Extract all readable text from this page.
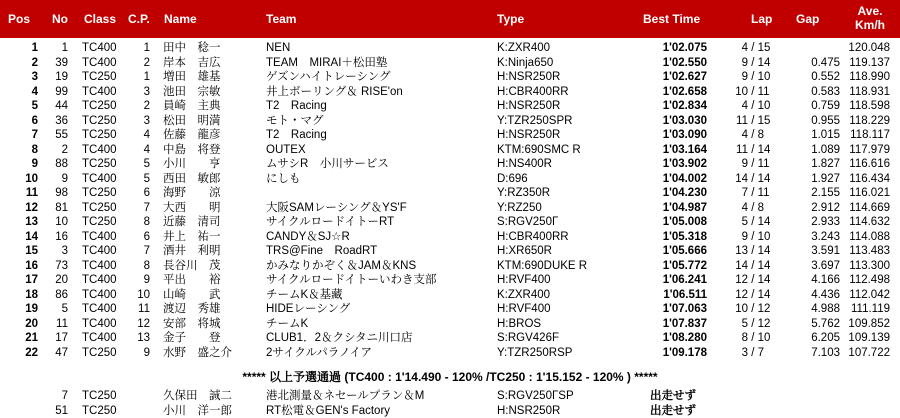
Pos No Class C.P. Name	Team	Type	Best Time	Lap Gap
Ave.
Km/h
1	1 TC400	1 田中　稔一	NEN	K:ZXR400	1'02.075	4 / 15	120.048
2	39 TC400	2 岸本　吉広	TEAM　MIRAI＋松田塾	K:Ninja650	1'02.550	9 / 14	0.475 119.137
3	19 TC250	1 増田　雄基	ゲズンハイトレーシング	H:NSR250R	1'02.627	9 / 10	0.552 118.990
4	99 TC400	3 池田　宗敏	井上ボーリング＆ RISE'on	H:CBR400RR	1'02.658	10 / 11	0.583 118.931
5	44 TC250	2 員崎　主典	T2　Racing	H:NSR250R	1'02.834	4 / 10	0.759 118.598
6	36 TC250	3 松田　明満	モト・マグ	Y:TZR250SPR	1'03.030	11 / 15	0.955 118.229
7	55 TC250	4 佐藤　龍彦	T2　Racing	H:NSR250R	1'03.090	4 / 8	1.015 118.117
8	2 TC400	4 中島　将登	OUTEX	KTM:690SMC R	1'03.164	11 / 14	1.089 117.979
9	88 TC250	5 小川　　亨	ムサシR　小川サービス	H:NS400R	1'03.902	9 / 11	1.827 116.616
10	9 TC400	5 西田　敏郎	にしも	D:696	1'04.002	14 / 14	1.927 116.434
11	98 TC250	6 海野　　涼	Y:RZ350R	1'04.230	7 / 11	2.155 116.021
12	81 TC250	7 大西　　明	大阪SAMレーシング＆YS'F	Y:RZ250	1'04.987	4 / 8	2.912 114.669
13	10 TC250	8 近藤　清司	サイクルロードイトーRT	S:RGV250Γ	1'05.008	5 / 14	2.933 114.632
14	16 TC400	6 井上　祐一	CANDY＆SJ☆R	H:CBR400RR	1'05.318	9 / 10	3.243 114.088
15	3 TC400	7 酒井　利明	TRS@Fine　RoadRT	H:XR650R	1'05.666	13 / 14	3.591 113.483
16	73 TC400	8 長谷川　茂	かみなりかぞく＆JAM＆KNS	KTM:690DUKE R	1'05.772	14 / 14	3.697 113.300
17	20 TC400	9 平出　　裕	サイクルロードイトーいわき支部	H:RVF400	1'06.241	12 / 14	4.166 112.498
18	86 TC400	10 山崎　　武	チームK＆基藏	K:ZXR400	1'06.511	12 / 14	4.436 112.042
19	5 TC400	11 渡辺　秀雄	HIDEレーシング	H:RVF400	1'07.063	10 / 12	4.988 111.119
20	11 TC400	12 安部　将城	チームK	H:BROS	1'07.837	5 / 12	5.762 109.852
21	17 TC400	13 金子　　登	CLUB1．2＆クシタニ川口店	S:RGV426F	1'08.280	8 / 10	6.205 109.139
22	47 TC250	9 水野　盛之介	2サイクルパラノイア	Y:TZR250RSP	1'09.178	3 / 7	7.103 107.722
***** 以上予選通過 (TC400 : 1'14.490 - 120% /TC250 : 1'15.152 - 120% ) *****
7 TC250	久保田　誠二	港北測量＆ネセールプラン＆M	S:RGV250ΓSP	出走せず
51 TC250	小川　洋一郎	RT松電＆GEN's Factory	H:NSR250R	出走せず
